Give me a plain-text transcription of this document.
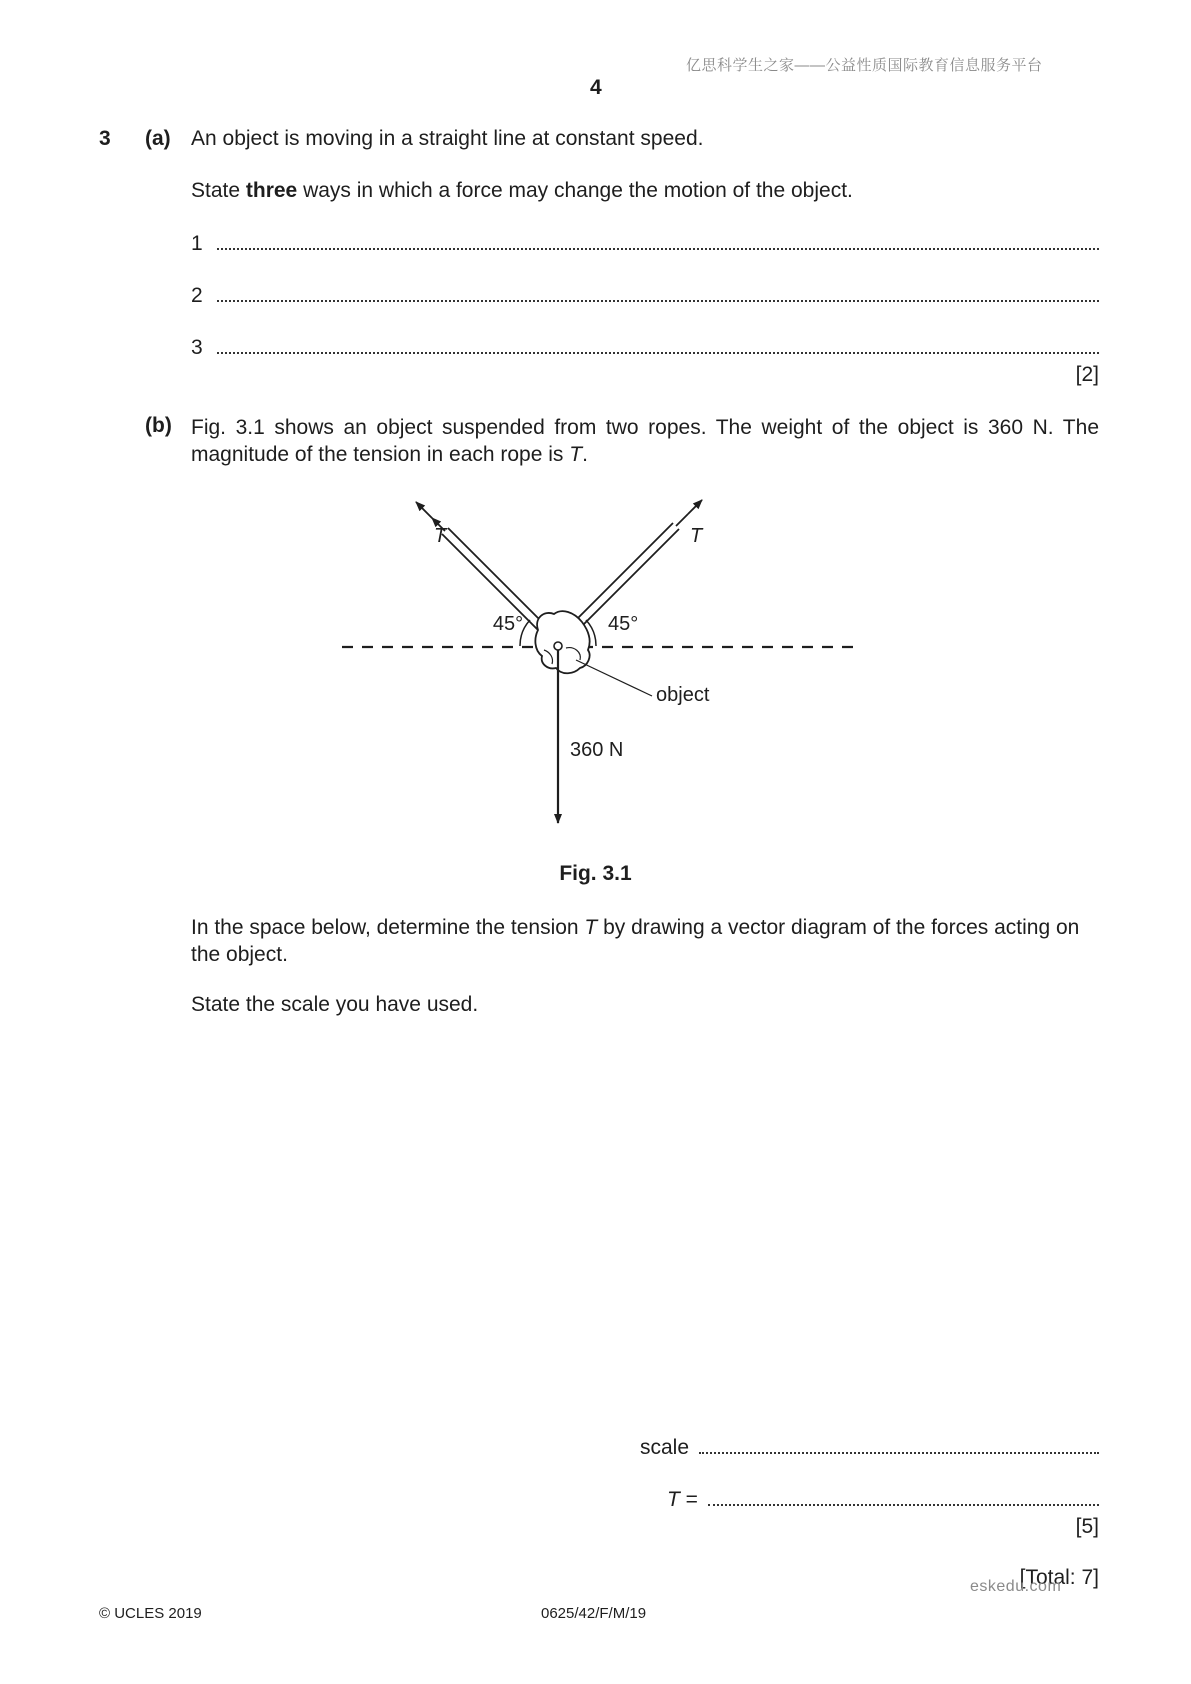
亿思科学生之家——公益性质国际教育信息服务平台
4
3 (a) An object is moving in a straight line at constant speed.
State three ways in which a force may change the motion of the object.
1
2
3
[2]
(b) Fig. 3.1 shows an object suspended from two ropes. The weight of the object is 360 N. The magnitude of the tension in each rope is T.
T	T
45°	45°
object
360 N
Fig. 3.1
In the space below, determine the tension T by drawing a vector diagram of the forces acting on the object.
State the scale you have used.
scale
T =
[5]
[Total: 7]
eskedu.com
© UCLES 2019	0625/42/F/M/19
